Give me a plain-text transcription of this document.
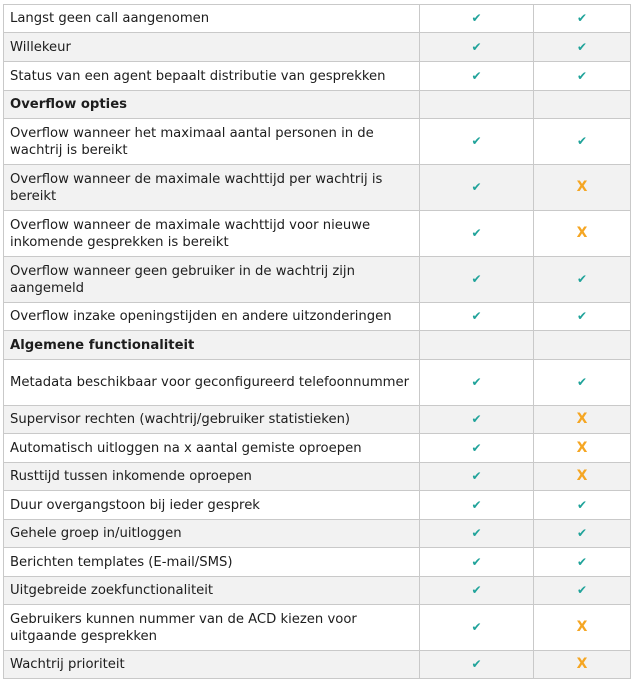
Langst geen call aangenomen	✔	✔
Willekeur	✔	✔
Status van een agent bepaalt distributie van gesprekken	✔	✔
Overflow opties		
Overflow wanneer het maximaal aantal personen in de wachtrij is bereikt	✔	✔
Overflow wanneer de maximale wachttijd per wachtrij is bereikt	✔	X
Overflow wanneer de maximale wachttijd voor nieuwe inkomende gesprekken is bereikt	✔	X
Overflow wanneer geen gebruiker in de wachtrij zijn aangemeld	✔	✔
Overflow inzake openingstijden en andere uitzonderingen	✔	✔
Algemene functionaliteit		
Metadata beschikbaar voor geconfigureerd telefoonnummer	✔	✔
Supervisor rechten (wachtrij/gebruiker statistieken)	✔	X
Automatisch uitloggen na x aantal gemiste oproepen	✔	X
Rusttijd tussen inkomende oproepen	✔	X
Duur overgangstoon bij ieder gesprek	✔	✔
Gehele groep in/uitloggen	✔	✔
Berichten templates (E-mail/SMS)	✔	✔
Uitgebreide zoekfunctionaliteit	✔	✔
Gebruikers kunnen nummer van de ACD kiezen voor uitgaande gesprekken	✔	X
Wachtrij prioriteit	✔	X
